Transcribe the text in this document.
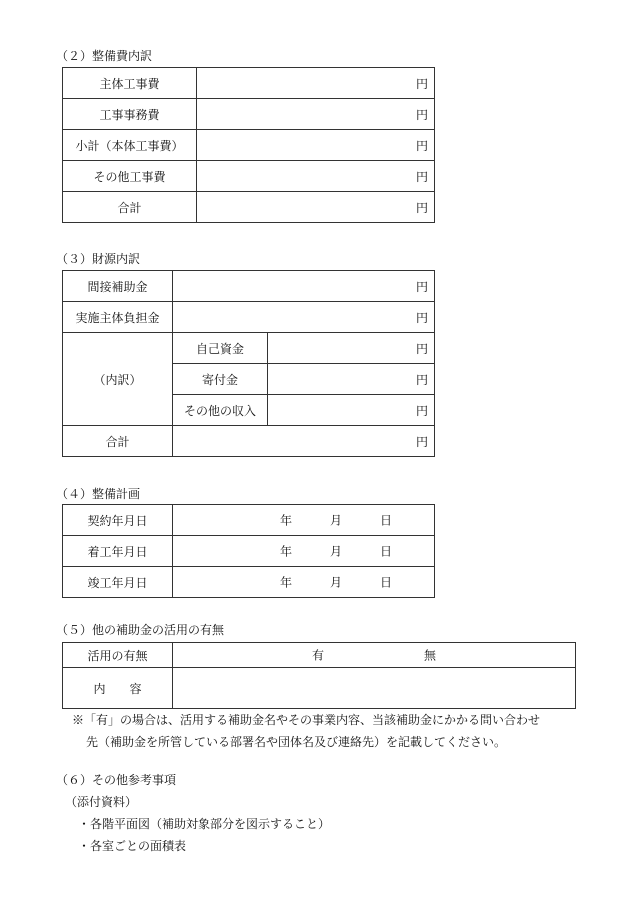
（２）整備費内訳
主体工事費	円
工事事務費	円
小計（本体工事費）	円
その他工事費	円
合計	円
（３）財源内訳
間接補助金	円	
実施主体負担金	円	
（内訳）	自己資金	円
	寄付金	円
	その他の収入	円
合計	円	
（４）整備計画
契約年月日	年 月 日

着工年月日	年 月 日

竣工年月日	年 月 日
（５）他の補助金の活用の有無
活用の有無	有 無

内　　容	
※「有」の場合は、活用する補助金名やその事業内容、当該補助金にかかる問い合わせ
先（補助金を所管している部署名や団体名及び連絡先）を記載してください。
（６）その他参考事項
（添付資料）
・各階平面図（補助対象部分を図示すること）
・各室ごとの面積表
